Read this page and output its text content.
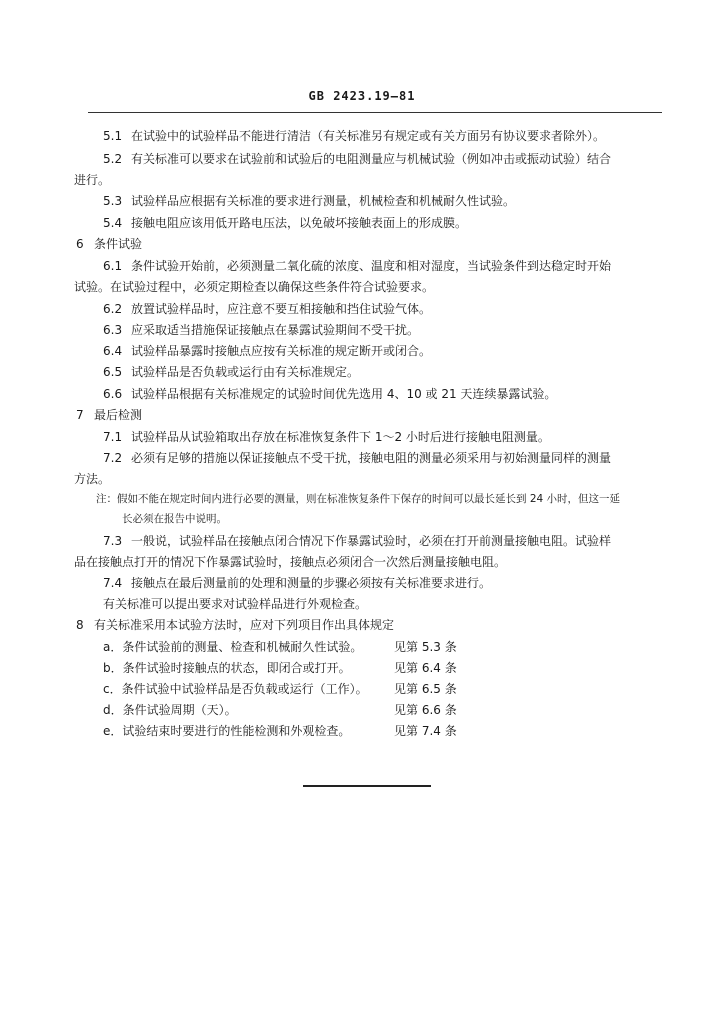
GB 2423.19—81
5.1 在试验中的试验样品不能进行清洁（有关标准另有规定或有关方面另有协议要求者除外）。
5.2 有关标准可以要求在试验前和试验后的电阻测量应与机械试验（例如冲击或振动试验）结合
进行。
5.3 试验样品应根据有关标准的要求进行测量，机械检查和机械耐久性试验。
5.4 接触电阻应该用低开路电压法，以免破坏接触表面上的形成膜。
6 条件试验
6.1 条件试验开始前，必须测量二氧化硫的浓度、温度和相对湿度，当试验条件到达稳定时开始
试验。在试验过程中，必须定期检查以确保这些条件符合试验要求。
6.2 放置试验样品时，应注意不要互相接触和挡住试验气体。
6.3 应采取适当措施保证接触点在暴露试验期间不受干扰。
6.4 试验样品暴露时接触点应按有关标准的规定断开或闭合。
6.5 试验样品是否负载或运行由有关标准规定。
6.6 试验样品根据有关标准规定的试验时间优先选用 4、10 或 21 天连续暴露试验。
7 最后检测
7.1 试验样品从试验箱取出存放在标准恢复条件下 1～2 小时后进行接触电阻测量。
7.2 必须有足够的措施以保证接触点不受干扰，接触电阻的测量必须采用与初始测量同样的测量
方法。
注：假如不能在规定时间内进行必要的测量，则在标准恢复条件下保存的时间可以最长延长到 24 小时，但这一延
长必须在报告中说明。
7.3 一般说，试验样品在接触点闭合情况下作暴露试验时，必须在打开前测量接触电阻。试验样
品在接触点打开的情况下作暴露试验时，接触点必须闭合一次然后测量接触电阻。
7.4 接触点在最后测量前的处理和测量的步骤必须按有关标准要求进行。
有关标准可以提出要求对试验样品进行外观检查。
8 有关标准采用本试验方法时，应对下列项目作出具体规定
a．条件试验前的测量、检查和机械耐久性试验。	见第 5.3 条
b．条件试验时接触点的状态，即闭合或打开。	见第 6.4 条
c．条件试验中试验样品是否负载或运行（工作）。 见第 6.5 条
d．条件试验周期（天）。	见第 6.6 条
e．试验结束时要进行的性能检测和外观检查。	见第 7.4 条
